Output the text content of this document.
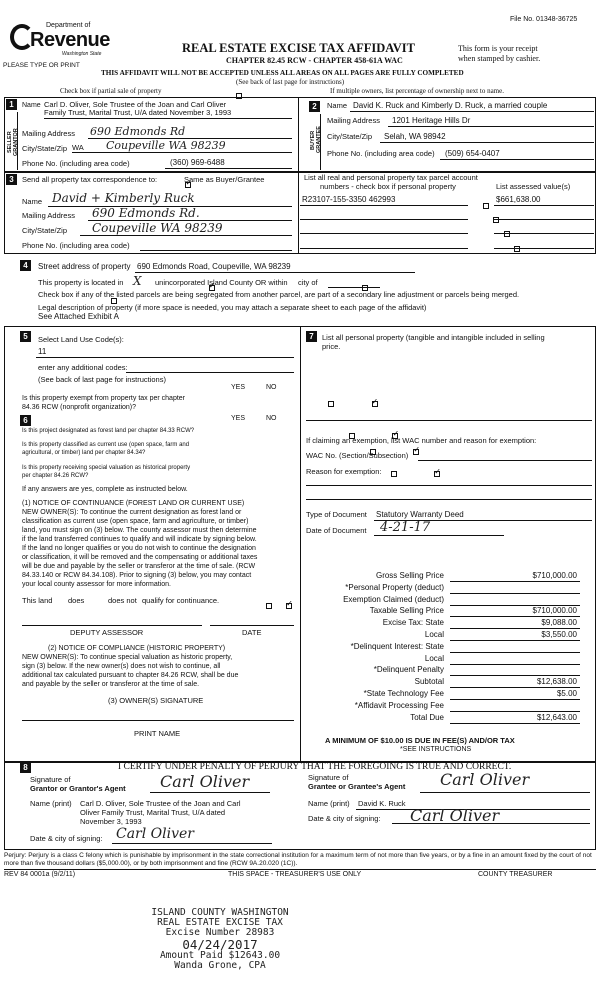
File No. 01348-36725
Department of
Revenue
Washington State
PLEASE TYPE OR PRINT
REAL ESTATE EXCISE TAX AFFIDAVIT
CHAPTER 82.45 RCW - CHAPTER 458-61A WAC
This form is your receipt
when stamped by cashier.
THIS AFFIDAVIT WILL NOT BE ACCEPTED UNLESS ALL AREAS ON ALL PAGES ARE FULLY COMPLETED
(See back of last page for instructions)
Check box if partial sale of property
	If multiple owners, list percentage of ownership next to name.
1
SELLER GRANTOR
Name Carl D. Oliver, Sole Trustee of the Joan and Carl Oliver
Family Trust, Marital Trust, U/A dated November 3, 1993
Mailing Address 690 Edmonds Rd
City/State/Zip WA Coupeville WA 98239
Phone No. (including area code)	(360) 969-6488
2
BUYER GRANTEE
Name David K. Ruck and Kimberly D. Ruck, a married couple
Mailing Address 1201 Heritage Hills Dr
City/State/Zip Selah, WA 98942
Phone No. (including area code) (509) 654-0407
3	Send all property tax correspondence to:
✓	Same as Buyer/Grantee
Name David + Kimberly Ruck
Mailing Address 690 Edmonds Rd.
City/State/Zip Coupeville WA 98239
Phone No. (including area code)
List all real and personal property tax parcel account
numbers - check box if personal property	List assessed value(s)
R23107-155-3350 462993	$661,638.00

4	Street address of property 690 Edmonds Road, Coupeville, WA 98239
This property is located in X
✓ unincorporated Island County OR within
city of

Check box if any of the listed parcels are being segregated from another parcel, are part of a secondary line adjustment or parcels being merged.
Legal description of property (if more space is needed, you may attach a separate sheet to each page of the affidavit)
See Attached Exhibit A
5	Select Land Use Code(s):
11
enter any additional codes:
(See back of last page for instructions)
YES	NO
Is this property exempt from property tax per chapter
84.36 RCW (nonprofit organization)?
✓
6	YES	NO
Is this project designated as forest land per chapter 84.33 RCW?
✓
Is this property classified as current use (open space, farm and
agricultural, or timber) land per chapter 84.34?
✓
Is this property receiving special valuation as historical property
per chapter 84.26 RCW?
✓
If any answers are yes, complete as instructed below.
(1) NOTICE OF CONTINUANCE (FOREST LAND OR CURRENT USE)
NEW OWNER(S): To continue the current designation as forest land or
classification as current use (open space, farm and agriculture, or timber)
land, you must sign on (3) below. The county assessor must then determine
if the land transferred continues to qualify and will indicate by signing below.
If the land no longer qualifies or you do not wish to continue the designation
or classification, it will be removed and the compensating or additional taxes
will be due and payable by the seller or transferor at the time of sale. (RCW
84.33.140 or RCW 84.34.108). Prior to signing (3) below, you may contact
your local county assessor for more information.
This land does
✓	does not qualify for continuance.
DEPUTY ASSESSOR	DATE
(2) NOTICE OF COMPLIANCE (HISTORIC PROPERTY)
NEW OWNER(S): To continue special valuation as historic property,
sign (3) below. If the new owner(s) does not wish to continue, all
additional tax calculated pursuant to chapter 84.26 RCW, shall be due
and payable by the seller or transferor at the time of sale.
(3) OWNER(S) SIGNATURE
PRINT NAME
7	List all personal property (tangible and intangible included in selling
price.
If claiming an exemption, list WAC number and reason for exemption:
WAC No. (Section/Subsection)
Reason for exemption:
Type of Document Statutory Warranty Deed
Date of Document 4-21-17
Gross Selling Price	$710,000.00
*Personal Property (deduct)
Exemption Claimed (deduct)
Taxable Selling Price	$710,000.00
Excise Tax: State	$9,088.00
Local	$3,550.00
*Delinquent Interest: State
Local
*Delinquent Penalty
Subtotal	$12,638.00
*State Technology Fee	$5.00
*Affidavit Processing Fee
Total Due	$12,643.00
A MINIMUM OF $10.00 IS DUE IN FEE(S) AND/OR TAX
*SEE INSTRUCTIONS
8	I CERTIFY UNDER PENALTY OF PERJURY THAT THE FOREGOING IS TRUE AND CORRECT.
Signature of
Grantor or Grantor's Agent Carl Oliver
Name (print) Carl D. Oliver, Sole Trustee of the Joan and Carl
Oliver Family Trust, Marital Trust, U/A dated
November 3, 1993
Date & city of signing: Carl Oliver
Signature of
Grantee or Grantee's Agent Carl Oliver
Name (print) David K. Ruck
Date & city of signing: Carl Oliver
Perjury: Perjury is a class C felony which is punishable by imprisonment in the state correctional institution for a maximum term of not more than five years, or by a fine in an amount fixed by the court of not more than five thousand dollars ($5,000.00), or by both imprisonment and fine (RCW 9A.20.020 (1C)).
REV 84 0001a (9/2/11)	THIS SPACE - TREASURER'S USE ONLY	COUNTY TREASURER
ISLAND COUNTY WASHINGTON
REAL ESTATE EXCISE TAX
Excise Number 28983
04/24/2017
Amount Paid $12643.00
Wanda Grone, CPA
